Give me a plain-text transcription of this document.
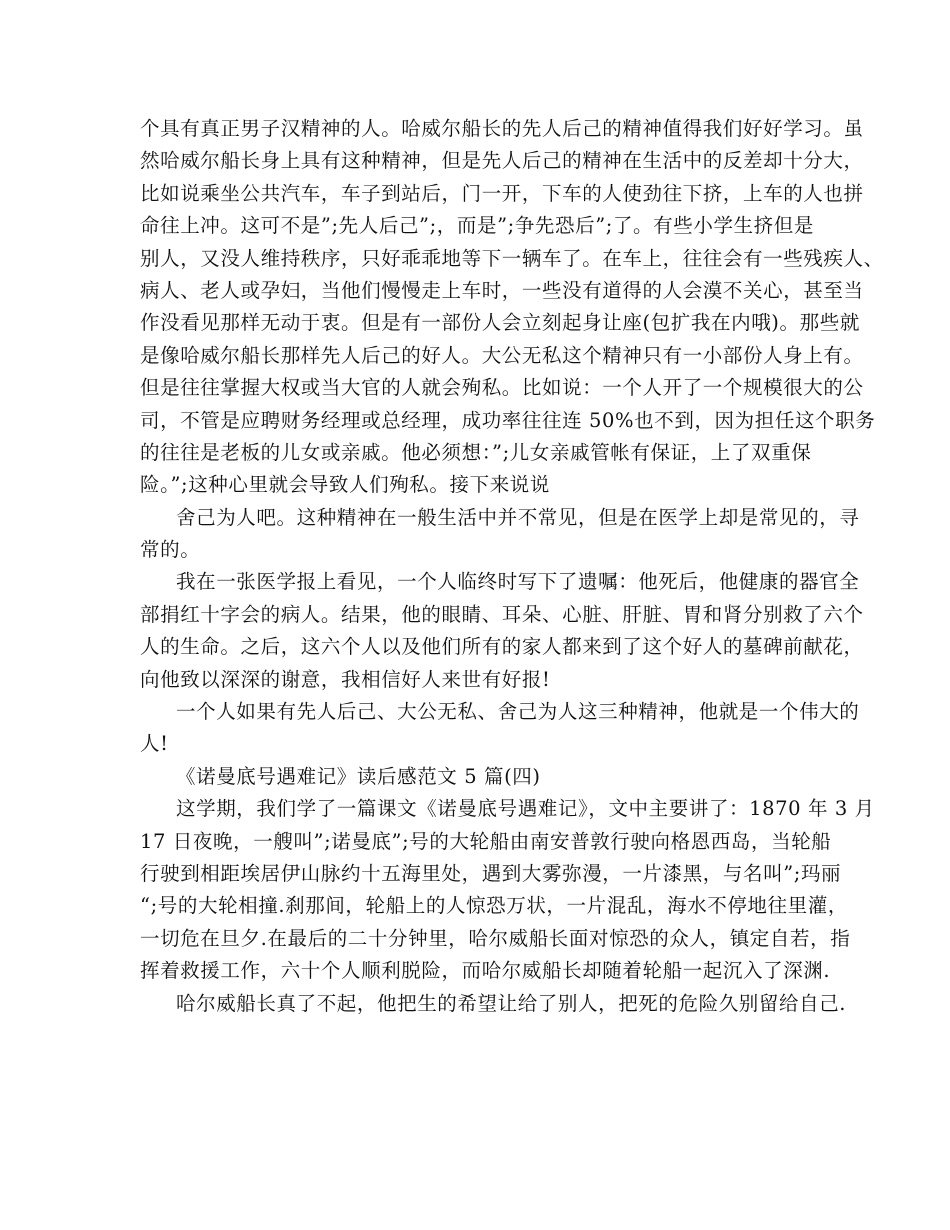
个具有真正男子汉精神的人。哈威尔船长的先人后己的精神值得我们好好学习。虽
然哈威尔船长身上具有这种精神，但是先人后己的精神在生活中的反差却十分大，
比如说乘坐公共汽车，车子到站后，门一开，下车的人使劲往下挤，上车的人也拼
命往上冲。这可不是”;先人后己”;，而是”;争先恐后”;了。有些小学生挤但是
别人，又没人维持秩序，只好乖乖地等下一辆车了。在车上，往往会有一些残疾人、
病人、老人或孕妇，当他们慢慢走上车时，一些没有道得的人会漠不关心，甚至当
作没看见那样无动于衷。但是有一部份人会立刻起身让座(包扩我在内哦)。那些就
是像哈威尔船长那样先人后己的好人。大公无私这个精神只有一小部份人身上有。
但是往往掌握大权或当大官的人就会殉私。比如说：一个人开了一个规模很大的公
司，不管是应聘财务经理或总经理，成功率往往连 50%也不到，因为担任这个职务
的往往是老板的儿女或亲戚。他必须想：”;儿女亲戚管帐有保证，上了双重保
险。”;这种心里就会导致人们殉私。接下来说说
舍己为人吧。这种精神在一般生活中并不常见，但是在医学上却是常见的，寻
常的。
我在一张医学报上看见，一个人临终时写下了遗嘱：他死后，他健康的器官全
部捐红十字会的病人。结果，他的眼睛、耳朵、心脏、肝脏、胃和肾分别救了六个
人的生命。之后，这六个人以及他们所有的家人都来到了这个好人的墓碑前献花，
向他致以深深的谢意，我相信好人来世有好报!
一个人如果有先人后己、大公无私、舍己为人这三种精神，他就是一个伟大的
人!
《诺曼底号遇难记》读后感范文 5 篇(四)
这学期，我们学了一篇课文《诺曼底号遇难记》，文中主要讲了：1870 年 3 月
17 日夜晚，一艘叫”;诺曼底”;号的大轮船由南安普敦行驶向格恩西岛，当轮船
行驶到相距埃居伊山脉约十五海里处，遇到大雾弥漫，一片漆黑，与名叫”;玛丽
“;号的大轮相撞.刹那间，轮船上的人惊恐万状，一片混乱，海水不停地往里灌，
一切危在旦夕.在最后的二十分钟里，哈尔威船长面对惊恐的众人，镇定自若，指
挥着救援工作，六十个人顺利脱险，而哈尔威船长却随着轮船一起沉入了深渊.
哈尔威船长真了不起，他把生的希望让给了别人，把死的危险久别留给自己.
